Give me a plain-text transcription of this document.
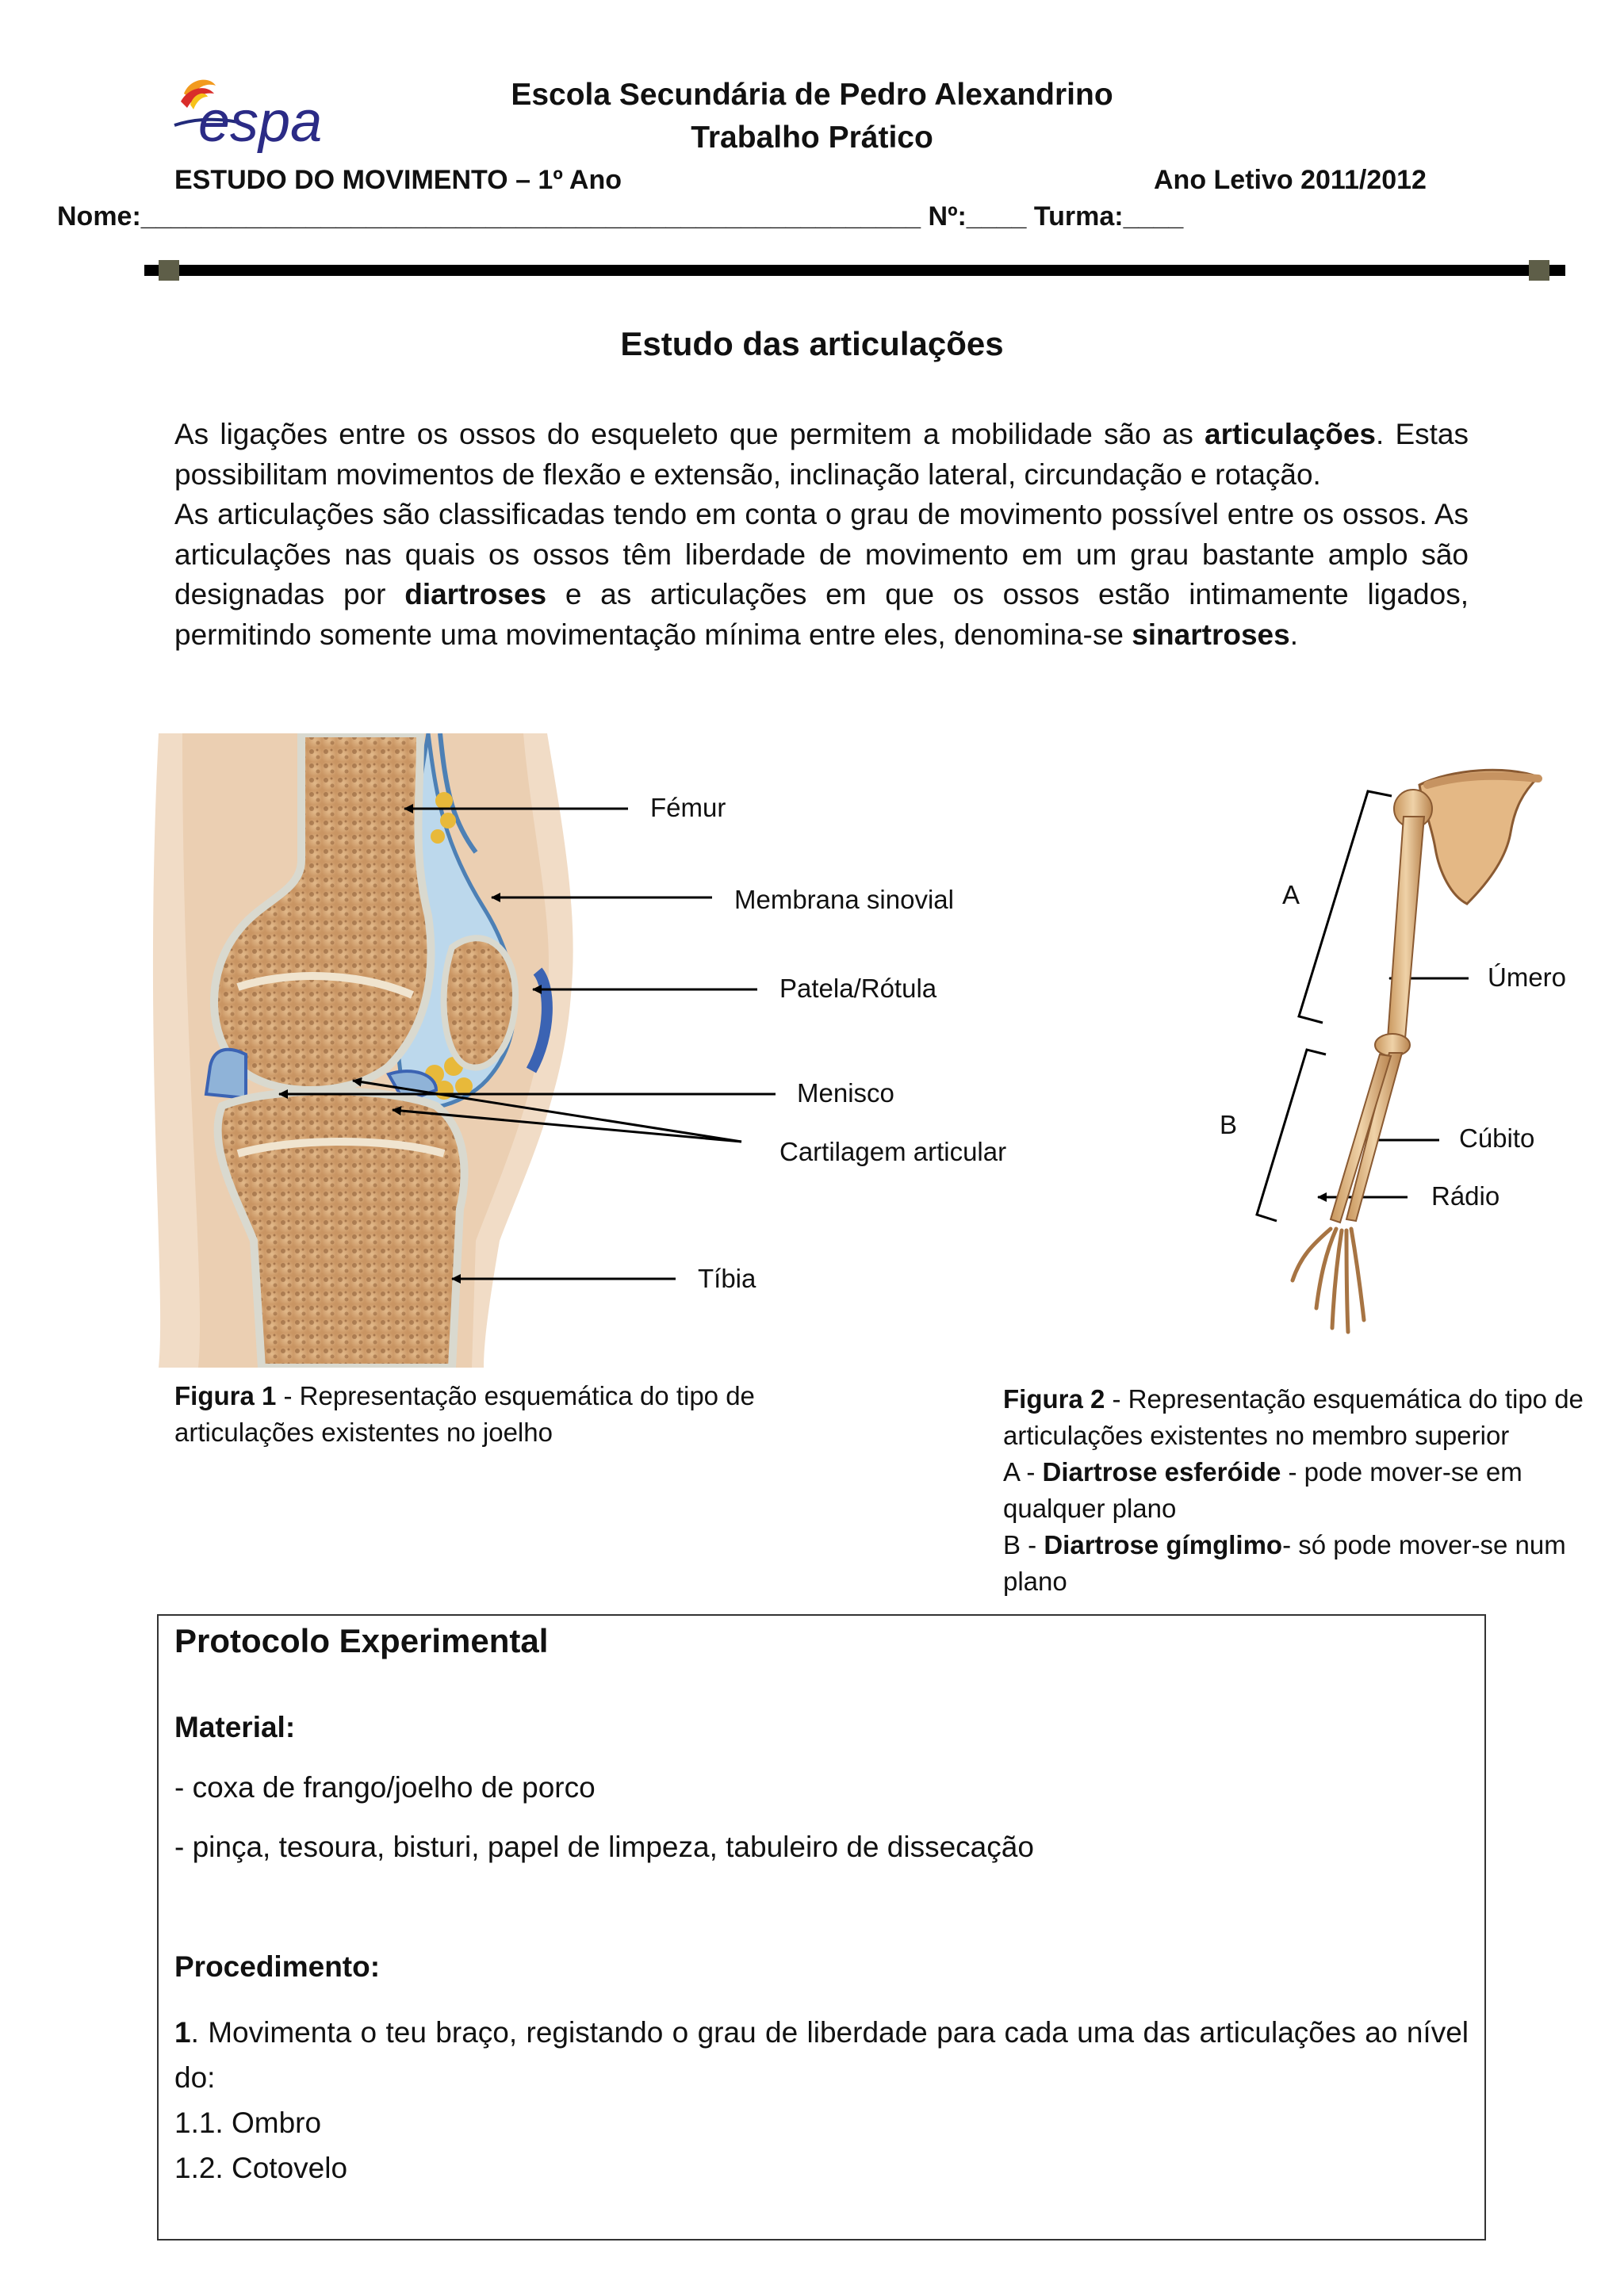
espa	Escola Secundária de Pedro Alexandrino
Trabalho Prático
ESTUDO DO MOVIMENTO – 1º Ano	Ano Letivo 2011/2012
Nome:____________________________________________________ Nº:____ Turma:____
Estudo das articulações

As ligações entre os ossos do esqueleto que permitem a mobilidade são as articulações. Estas possibilitam movimentos de flexão e extensão, inclinação lateral, circundação e rotação.

As articulações são classificadas tendo em conta o grau de movimento possível entre os ossos. As articulações nas quais os ossos têm liberdade de movimento em um grau bastante amplo são designadas por diartroses e as articulações em que os ossos estão intimamente ligados, permitindo somente uma movimentação mínima entre eles, denomina-se sinartroses.

Fémur
Membrana sinovial
Patela/Rótula
Menisco
Cartilagem articular
Tíbia
Figura 1 - Representação esquemática do tipo de articulações existentes no joelho
A
B
Úmero
Cúbito
Rádio
Figura 2 - Representação esquemática do tipo de articulações existentes no membro superior
A - Diartrose esferóide - pode mover-se em qualquer plano
B - Diartrose gímglimo- só pode mover-se num plano
Protocolo Experimental
Material:
- coxa de frango/joelho de porco
- pinça, tesoura, bisturi, papel de limpeza, tabuleiro de dissecação
Procedimento:

1. Movimenta o teu braço, registando o grau de liberdade para cada uma das articulações ao nível do:

1.1. Ombro

1.2. Cotovelo
